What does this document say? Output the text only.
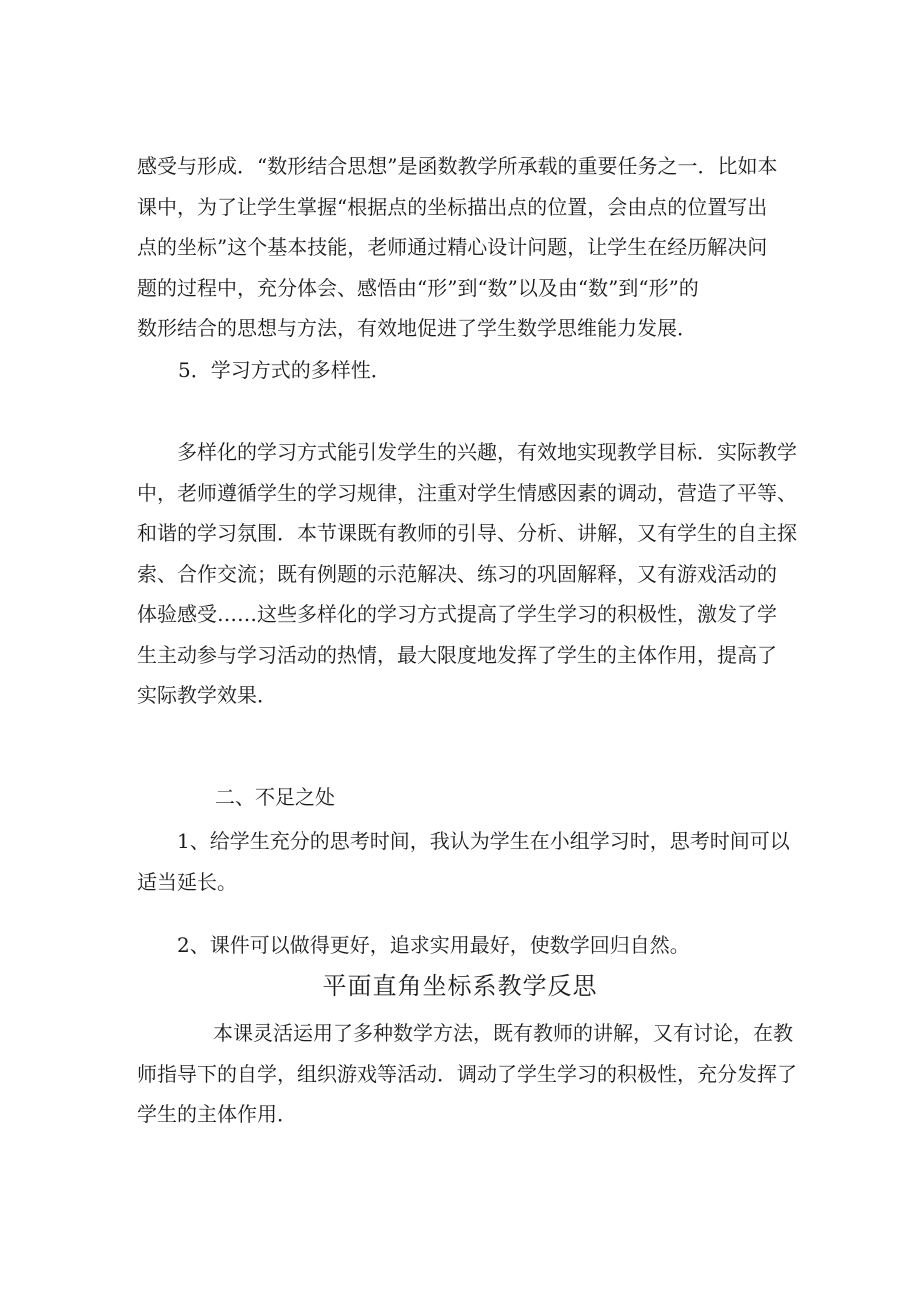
感受与形成．“数形结合思想”是函数教学所承载的重要任务之一．比如本
课中，为了让学生掌握“根据点的坐标描出点的位置，会由点的位置写出
点的坐标”这个基本技能，老师通过精心设计问题，让学生在经历解决问
题的过程中，充分体会、感悟由“形”到“数”以及由“数”到“形”的
数形结合的思想与方法，有效地促进了学生数学思维能力发展．

5．学习方式的多样性．

多样化的学习方式能引发学生的兴趣，有效地实现教学目标．实际教学
中，老师遵循学生的学习规律，注重对学生情感因素的调动，营造了平等、
和谐的学习氛围．本节课既有教师的引导、分析、讲解，又有学生的自主探
索、合作交流；既有例题的示范解决、练习的巩固解释，又有游戏活动的
体验感受……这些多样化的学习方式提高了学生学习的积极性，激发了学
生主动参与学习活动的热情，最大限度地发挥了学生的主体作用，提高了
实际教学效果．

二、不足之处

1、给学生充分的思考时间，我认为学生在小组学习时，思考时间可以
适当延长。

2、课件可以做得更好，追求实用最好，使数学回归自然。

平面直角坐标系教学反思

本课灵活运用了多种数学方法，既有教师的讲解，又有讨论，在教
师指导下的自学，组织游戏等活动．调动了学生学习的积极性，充分发挥了
学生的主体作用．
